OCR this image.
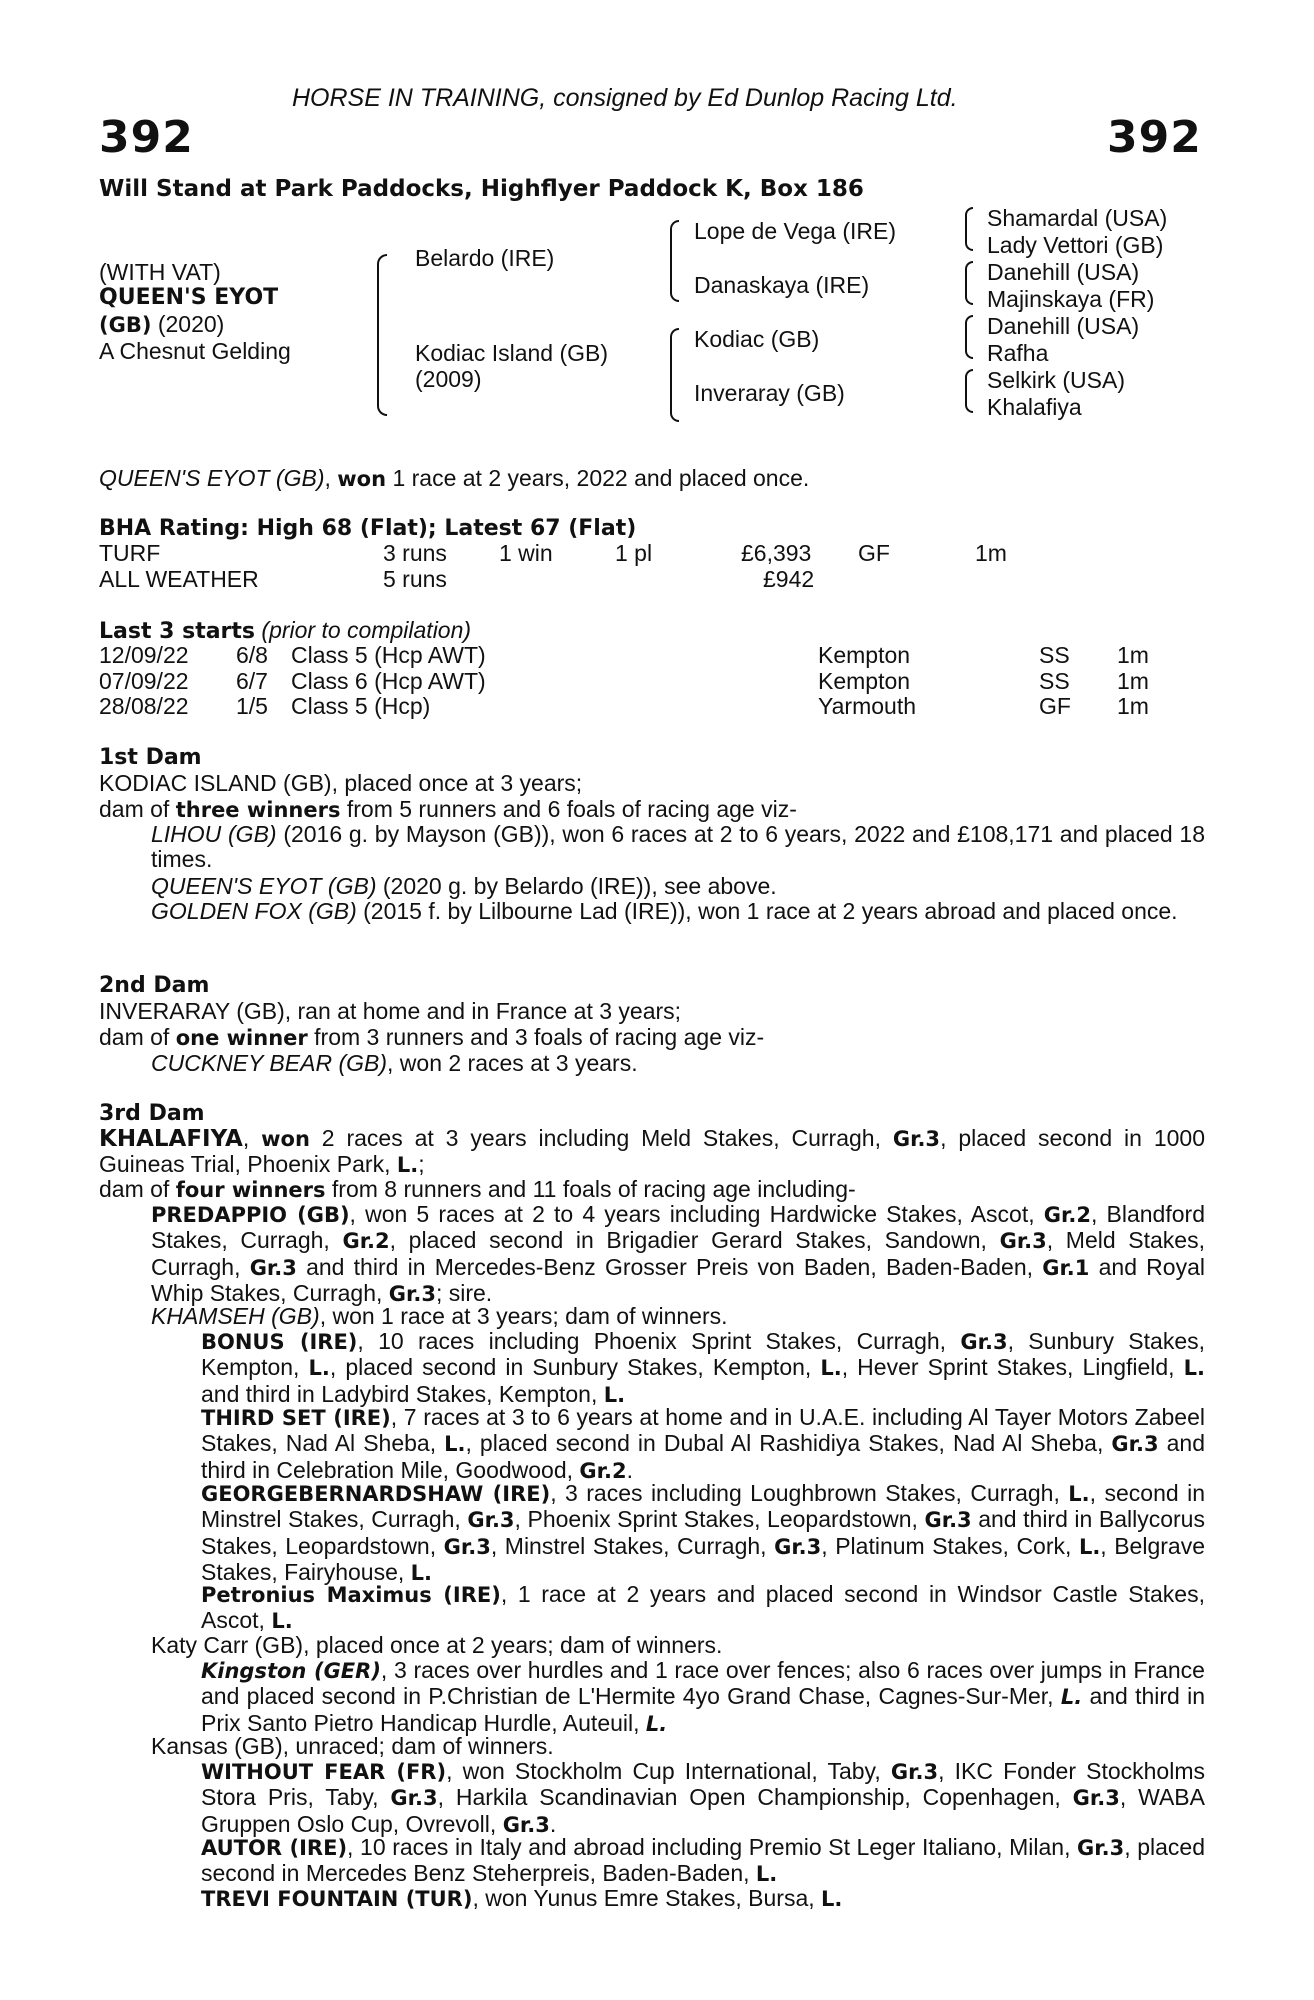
HORSE IN TRAINING, consigned by Ed Dunlop Racing Ltd.
392	392
Will Stand at Park Paddocks, Highflyer Paddock K, Box 186
(WITH VAT)
QUEEN'S EYOT
(GB) (2020)
A Chesnut Gelding
Belardo (IRE)
Kodiac Island (GB)
(2009)
Lope de Vega (IRE)
Danaskaya (IRE)
Kodiac (GB)
Inveraray (GB)
Shamardal (USA)
Lady Vettori (GB)
Danehill (USA)
Majinskaya (FR)
Danehill (USA)
Rafha
Selkirk (USA)
Khalafiya
QUEEN'S EYOT (GB), won 1 race at 2 years, 2022 and placed once.
BHA Rating: High 68 (Flat); Latest 67 (Flat)
TURF	3 runs 1 win	1 pl	£6,393 GF	1m
ALL WEATHER	5 runs	£942
Last 3 starts (prior to compilation)
12/09/22 6/8 Class 5 (Hcp AWT)	Kempton	SS 1m
07/09/22 6/7 Class 6 (Hcp AWT)	Kempton	SS 1m
28/08/22 1/5 Class 5 (Hcp)	Yarmouth	GF 1m
1st Dam
KODIAC ISLAND (GB), placed once at 3 years;
dam of three winners from 5 runners and 6 foals of racing age viz-
LIHOU (GB) (2016 g. by Mayson (GB)), won 6 races at 2 to 6 years, 2022 and £108,171 and placed 18 times.
QUEEN'S EYOT (GB) (2020 g. by Belardo (IRE)), see above.
GOLDEN FOX (GB) (2015 f. by Lilbourne Lad (IRE)), won 1 race at 2 years abroad and placed once.
2nd Dam
INVERARAY (GB), ran at home and in France at 3 years;
dam of one winner from 3 runners and 3 foals of racing age viz-
CUCKNEY BEAR (GB), won 2 races at 3 years.
3rd Dam
KHALAFIYA, won 2 races at 3 years including Meld Stakes, Curragh, Gr.3, placed second in 1000 Guineas Trial, Phoenix Park, L.;
dam of four winners from 8 runners and 11 foals of racing age including-
PREDAPPIO (GB), won 5 races at 2 to 4 years including Hardwicke Stakes, Ascot, Gr.2, Blandford Stakes, Curragh, Gr.2, placed second in Brigadier Gerard Stakes, Sandown, Gr.3, Meld Stakes, Curragh, Gr.3 and third in Mercedes-Benz Grosser Preis von Baden, Baden-Baden, Gr.1 and Royal Whip Stakes, Curragh, Gr.3; sire.
KHAMSEH (GB), won 1 race at 3 years; dam of winners.
BONUS (IRE), 10 races including Phoenix Sprint Stakes, Curragh, Gr.3, Sunbury Stakes, Kempton, L., placed second in Sunbury Stakes, Kempton, L., Hever Sprint Stakes, Lingfield, L. and third in Ladybird Stakes, Kempton, L.
THIRD SET (IRE), 7 races at 3 to 6 years at home and in U.A.E. including Al Tayer Motors Zabeel Stakes, Nad Al Sheba, L., placed second in Dubal Al Rashidiya Stakes, Nad Al Sheba, Gr.3 and third in Celebration Mile, Goodwood, Gr.2.
GEORGEBERNARDSHAW (IRE), 3 races including Loughbrown Stakes, Curragh, L., second in Minstrel Stakes, Curragh, Gr.3, Phoenix Sprint Stakes, Leopardstown, Gr.3 and third in Ballycorus Stakes, Leopardstown, Gr.3, Minstrel Stakes, Curragh, Gr.3, Platinum Stakes, Cork, L., Belgrave Stakes, Fairyhouse, L.
Petronius Maximus (IRE), 1 race at 2 years and placed second in Windsor Castle Stakes, Ascot, L.
Katy Carr (GB), placed once at 2 years; dam of winners.
Kingston (GER), 3 races over hurdles and 1 race over fences; also 6 races over jumps in France and placed second in P.Christian de L'Hermite 4yo Grand Chase, Cagnes-Sur-Mer, L. and third in Prix Santo Pietro Handicap Hurdle, Auteuil, L.
Kansas (GB), unraced; dam of winners.
WITHOUT FEAR (FR), won Stockholm Cup International, Taby, Gr.3, IKC Fonder Stockholms Stora Pris, Taby, Gr.3, Harkila Scandinavian Open Championship, Copenhagen, Gr.3, WABA Gruppen Oslo Cup, Ovrevoll, Gr.3.
AUTOR (IRE), 10 races in Italy and abroad including Premio St Leger Italiano, Milan, Gr.3, placed second in Mercedes Benz Steherpreis, Baden-Baden, L.
TREVI FOUNTAIN (TUR), won Yunus Emre Stakes, Bursa, L.
